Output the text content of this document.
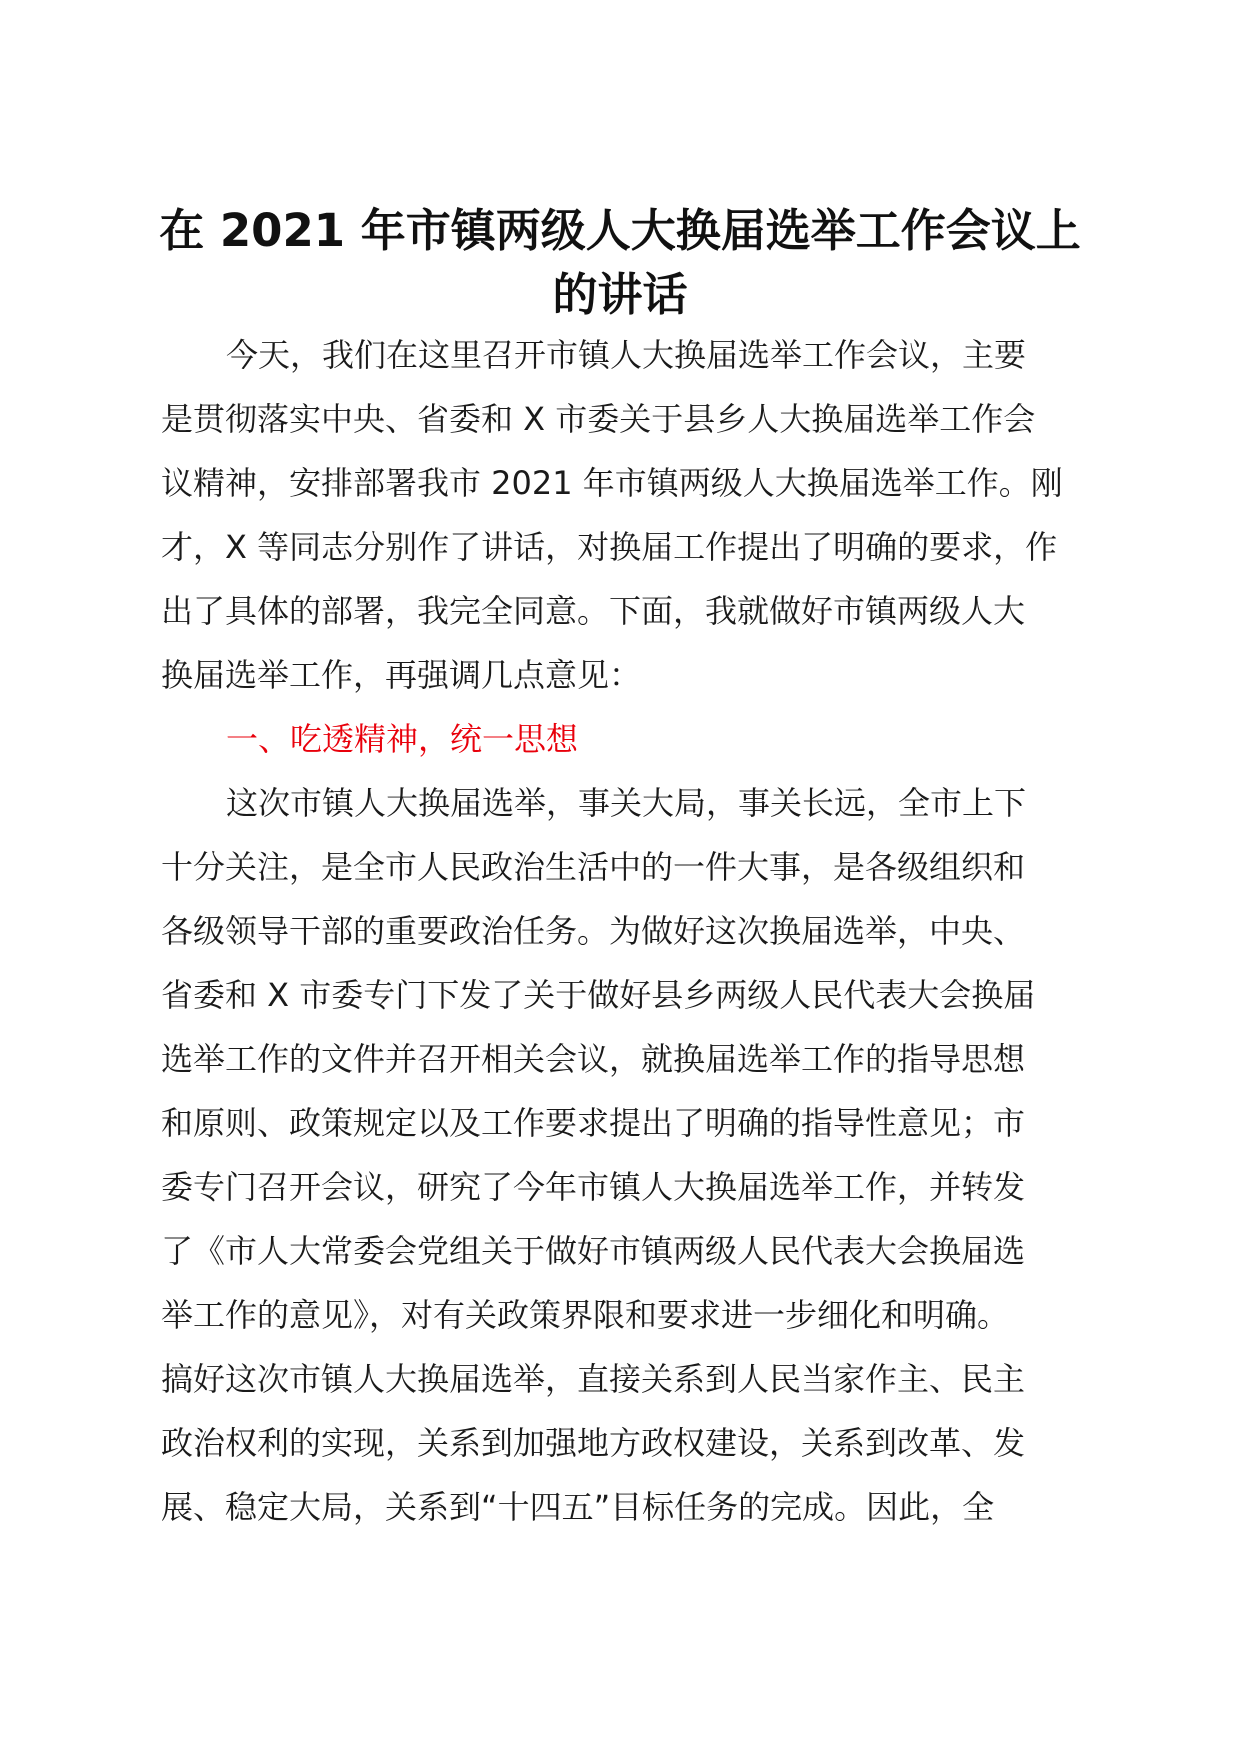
在 2021 年市镇两级人大换届选举工作会议上
的讲话
今天，我们在这里召开市镇人大换届选举工作会议，主要
是贯彻落实中央、省委和 X 市委关于县乡人大换届选举工作会
议精神，安排部署我市 2021 年市镇两级人大换届选举工作。刚
才，X 等同志分别作了讲话，对换届工作提出了明确的要求，作
出了具体的部署，我完全同意。下面，我就做好市镇两级人大
换届选举工作，再强调几点意见：
一、吃透精神，统一思想
这次市镇人大换届选举，事关大局，事关长远，全市上下
十分关注，是全市人民政治生活中的一件大事，是各级组织和
各级领导干部的重要政治任务。为做好这次换届选举，中央、
省委和 X 市委专门下发了关于做好县乡两级人民代表大会换届
选举工作的文件并召开相关会议，就换届选举工作的指导思想
和原则、政策规定以及工作要求提出了明确的指导性意见；市
委专门召开会议，研究了今年市镇人大换届选举工作，并转发
了《市人大常委会党组关于做好市镇两级人民代表大会换届选
举工作的意见》，对有关政策界限和要求进一步细化和明确。
搞好这次市镇人大换届选举，直接关系到人民当家作主、民主
政治权利的实现，关系到加强地方政权建设，关系到改革、发
展、稳定大局，关系到“十四五”目标任务的完成。因此，全
